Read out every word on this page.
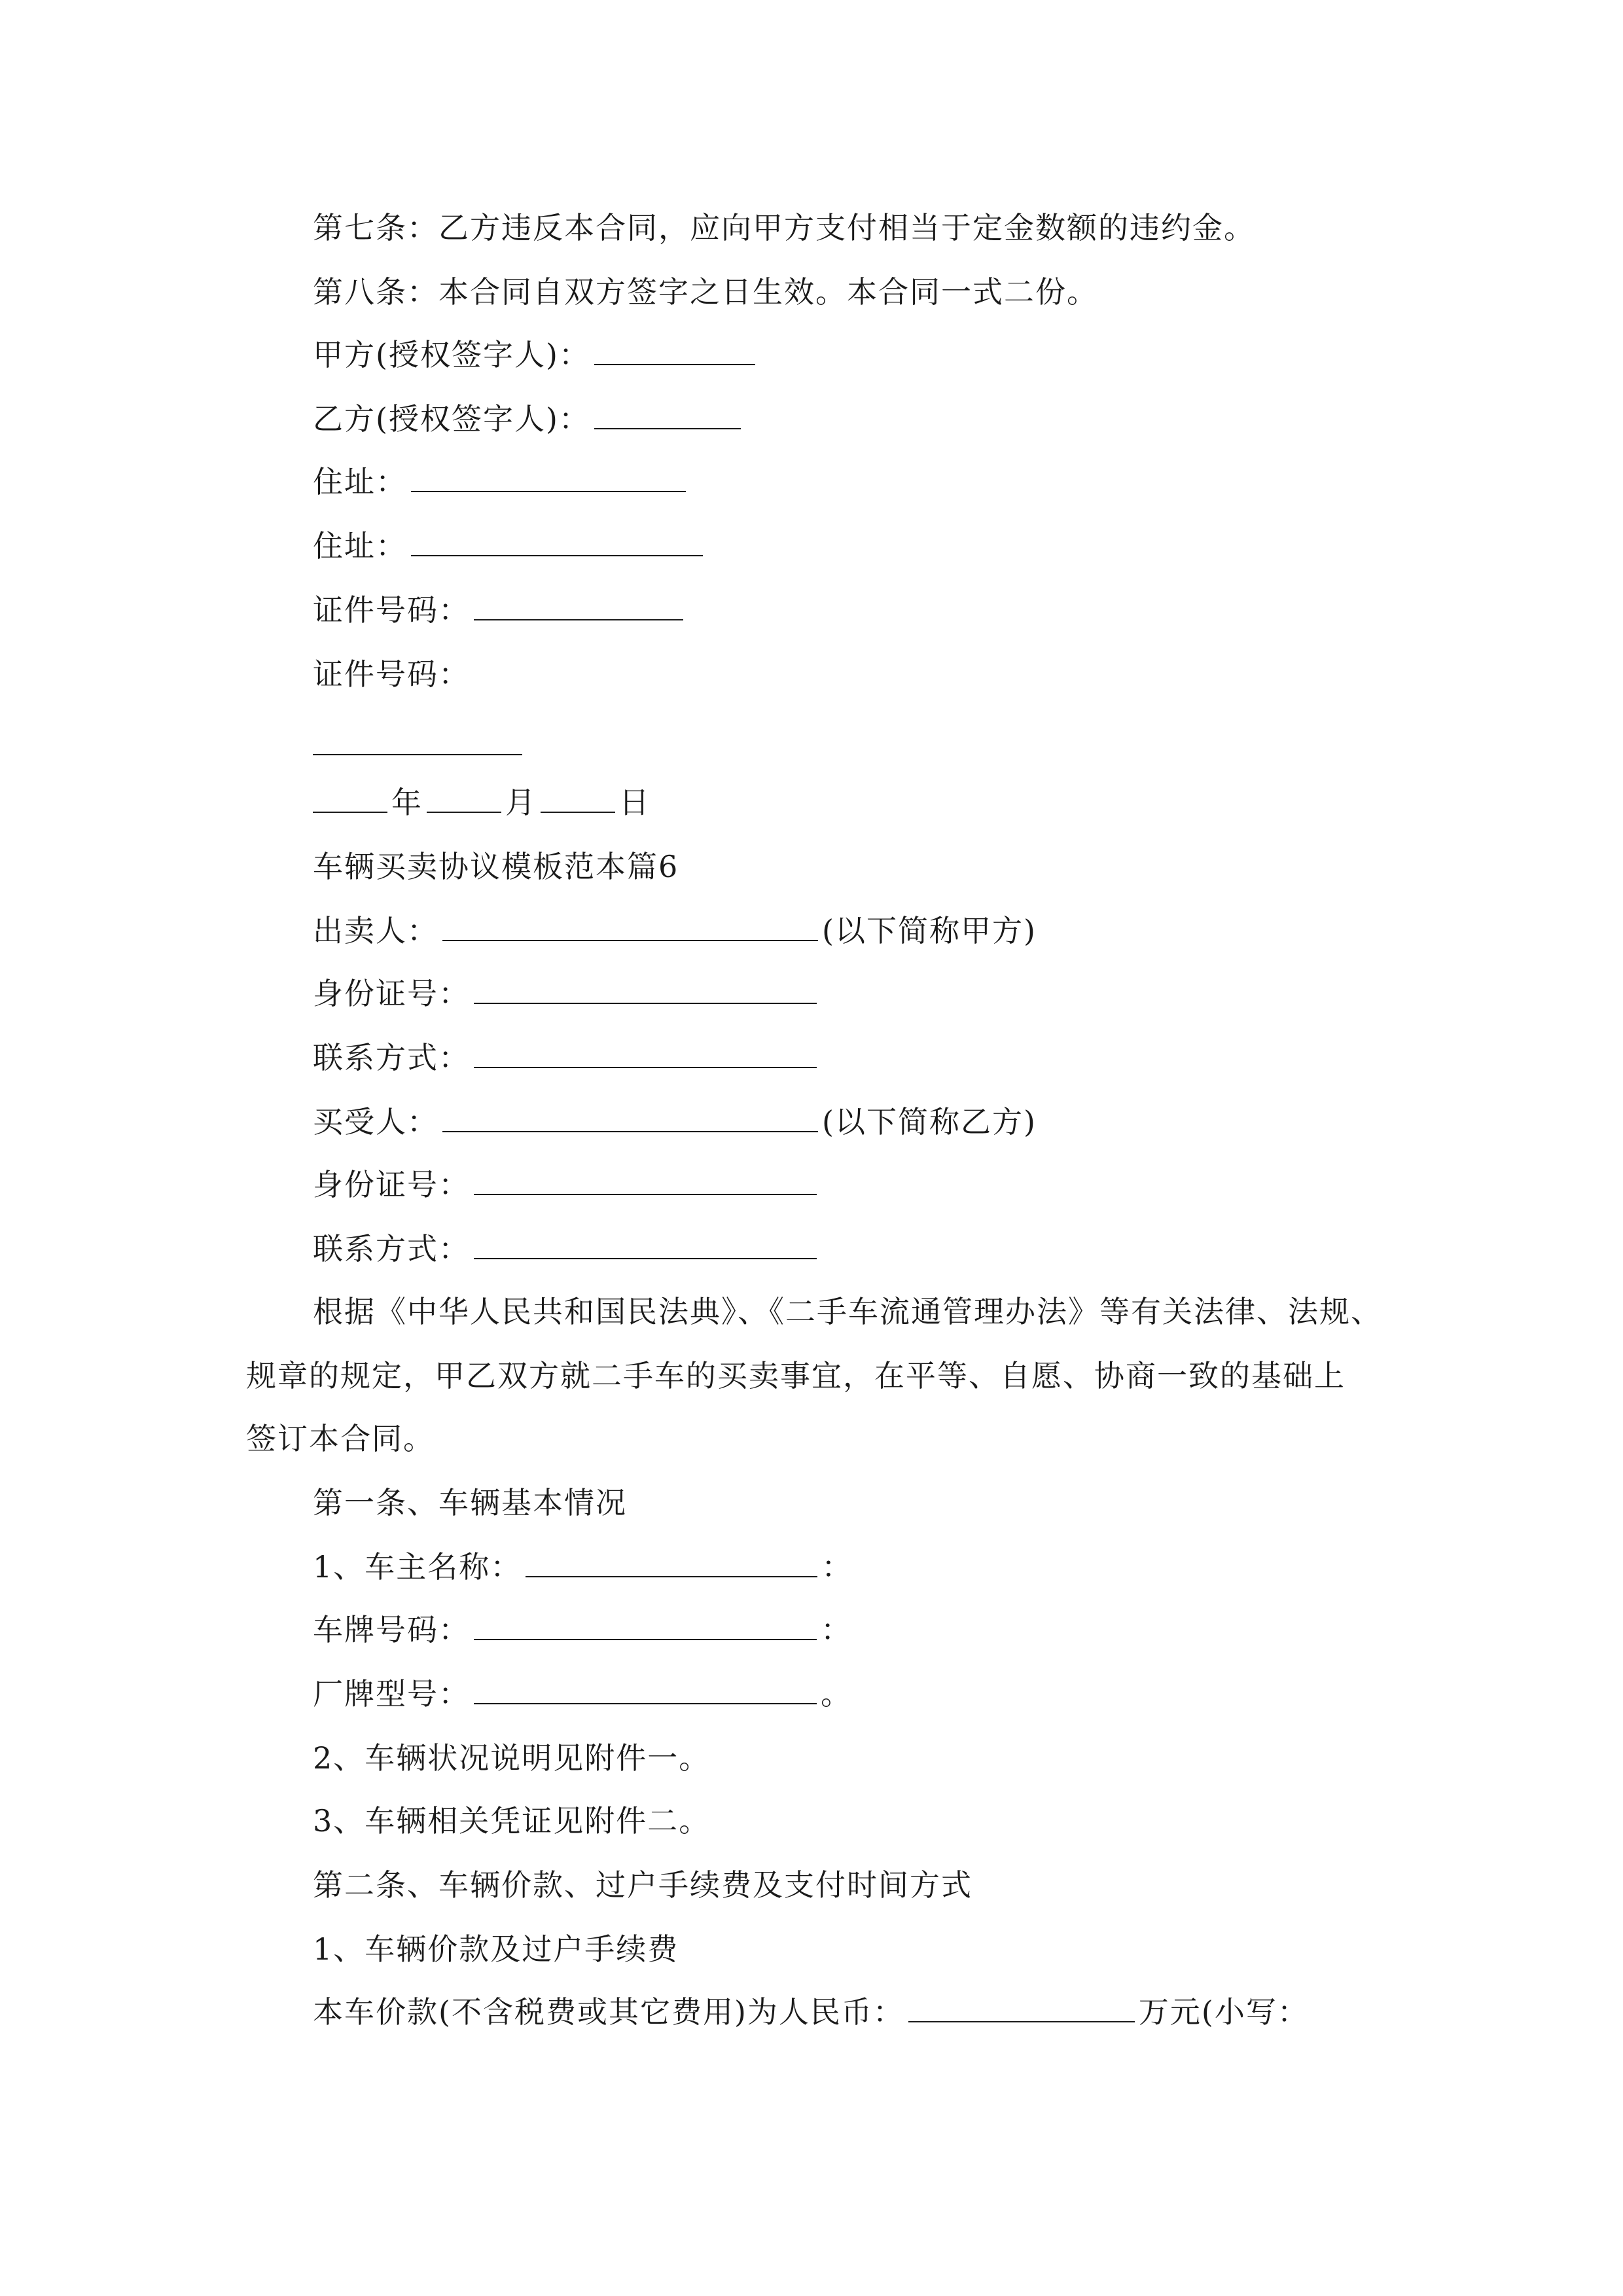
第七条：乙方违反本合同，应向甲方支付相当于定金数额的违约金。
第八条：本合同自双方签字之日生效。本合同一式二份。
甲方(授权签字人)：
乙方(授权签字人)：
住址：
住址：
证件号码：
证件号码：
年	月	日
车辆买卖协议模板范本篇6
出卖人：	(以下简称甲方)
身份证号：
联系方式：
买受人：	(以下简称乙方)
身份证号：
联系方式：
根据《中华人民共和国民法典》、《二手车流通管理办法》等有关法律、法规、
规章的规定，甲乙双方就二手车的买卖事宜，在平等、自愿、协商一致的基础上
签订本合同。
第一条、车辆基本情况
1、车主名称：	：
车牌号码：	：
厂牌型号：	。
2、车辆状况说明见附件一。
3、车辆相关凭证见附件二。
第二条、车辆价款、过户手续费及支付时间方式
1、车辆价款及过户手续费
本车价款(不含税费或其它费用)为人民币：	万元(小写：
